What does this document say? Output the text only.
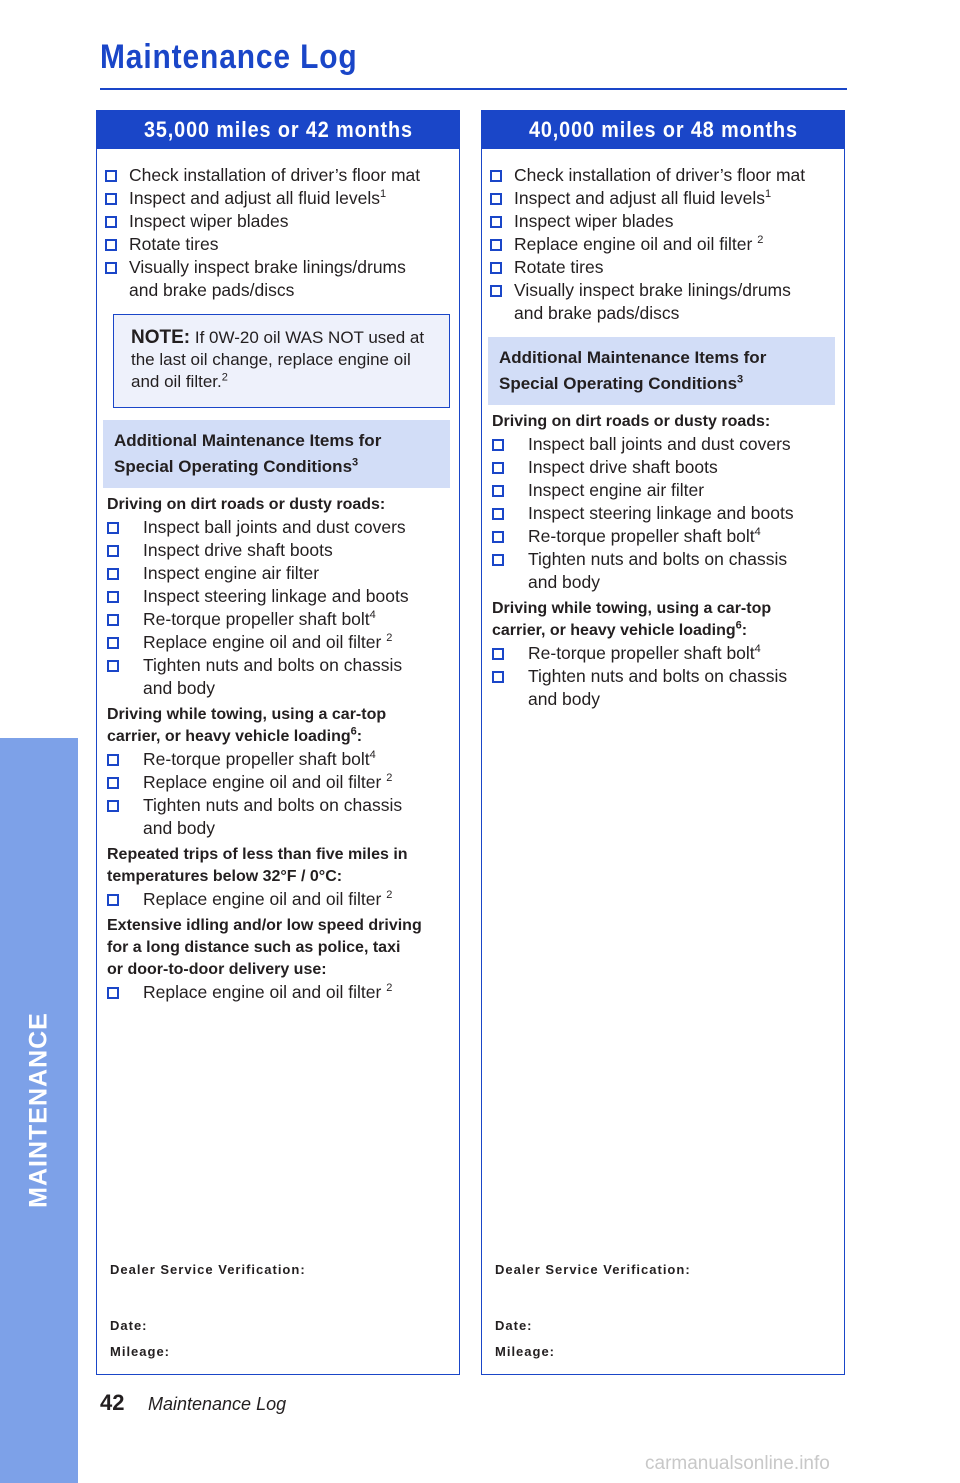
MAINTENANCE
Maintenance Log
35,000 miles or 42 months
Check installation of driver’s floor mat
Inspect and adjust all fluid levels$^1$
Inspect wiper blades
Rotate tires
Visually inspect brake linings/drums
and brake pads/discs
NOTE: If 0W-20 oil WAS NOT used at the last oil change, replace engine oil and oil filter.$^2$
Additional Maintenance Items for
Special Operating Conditions$^3$
Driving on dirt roads or dusty roads:
Inspect ball joints and dust covers
Inspect drive shaft boots
Inspect engine air filter
Inspect steering linkage and boots
Re-torque propeller shaft bolt$^4$
Replace engine oil and oil filter $^2$
Tighten nuts and bolts on chassis
and body
Driving while towing, using a car-top
carrier, or heavy vehicle loading$^6$:
Re-torque propeller shaft bolt$^4$
Replace engine oil and oil filter $^2$
Tighten nuts and bolts on chassis
and body
Repeated trips of less than five miles in
temperatures below 32°F / 0°C:
Replace engine oil and oil filter $^2$
Extensive idling and/or low speed driving
for a long distance such as police, taxi
or door-to-door delivery use:
Replace engine oil and oil filter $^2$
Dealer Service Verification:
Date:
Mileage:
40,000 miles or 48 months
Check installation of driver’s floor mat
Inspect and adjust all fluid levels$^1$
Inspect wiper blades
Replace engine oil and oil filter $^2$
Rotate tires
Visually inspect brake linings/drums
and brake pads/discs
Additional Maintenance Items for
Special Operating Conditions$^3$
Driving on dirt roads or dusty roads:
Inspect ball joints and dust covers
Inspect drive shaft boots
Inspect engine air filter
Inspect steering linkage and boots
Re-torque propeller shaft bolt$^4$
Tighten nuts and bolts on chassis
and body
Driving while towing, using a car-top
carrier, or heavy vehicle loading$^6$:
Re-torque propeller shaft bolt$^4$
Tighten nuts and bolts on chassis
and body
Dealer Service Verification:
Date:
Mileage:
42 Maintenance Log
carmanualsonline.info
